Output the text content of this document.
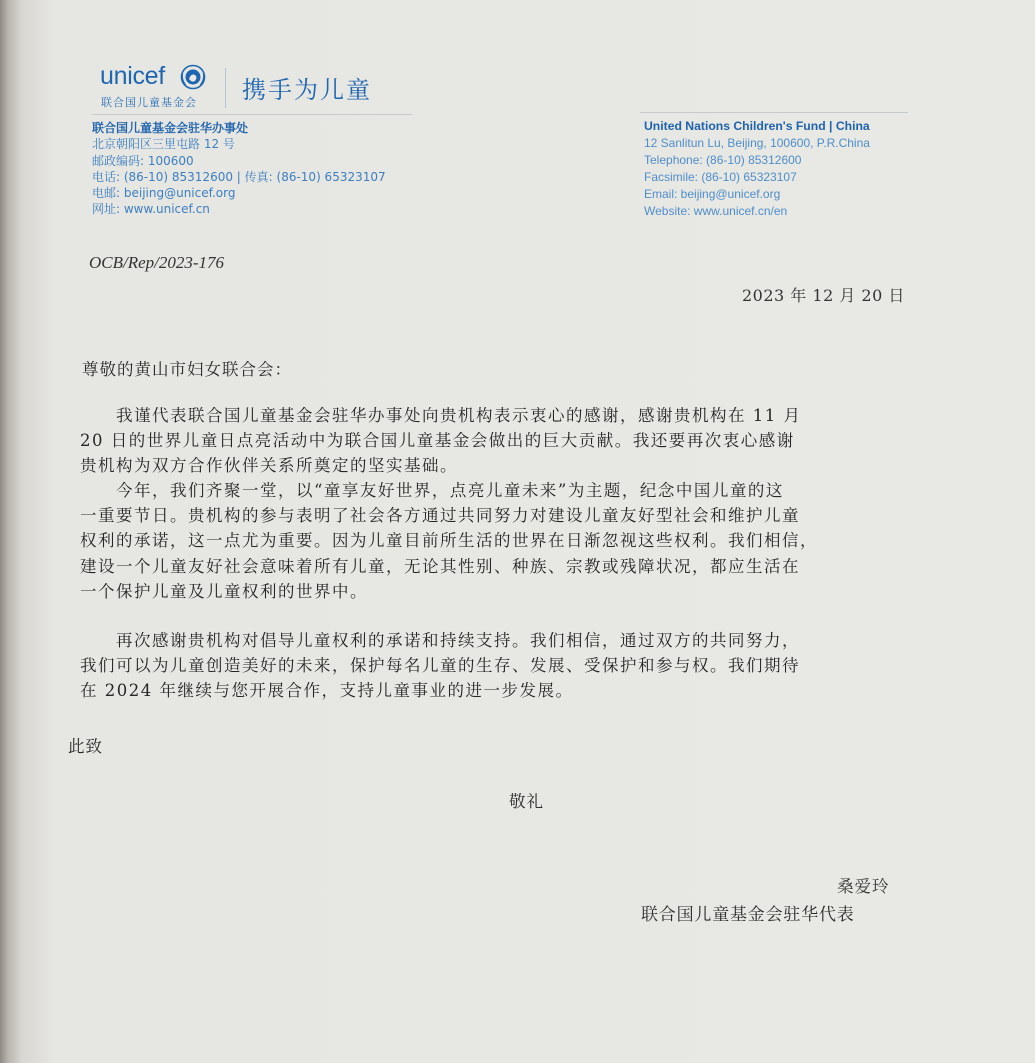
unicef
联合国儿童基金会 携手为儿童
联合国儿童基金会驻华办事处
北京朝阳区三里屯路 12 号
邮政编码: 100600
电话: (86-10) 85312600 | 传真: (86-10) 65323107
电邮: beijing@unicef.org
网址: www.unicef.cn
United Nations Children's Fund | China
12 Sanlitun Lu, Beijing, 100600, P.R.China
Telephone: (86-10) 85312600
Facsimile: (86-10) 65323107
Email: beijing@unicef.org
Website: www.unicef.cn/en
OCB/Rep/2023-176
2023 年 12 月 20 日
尊敬的黄山市妇女联合会：
　　我谨代表联合国儿童基金会驻华办事处向贵机构表示衷心的感谢，感谢贵机构在 11 月
20 日的世界儿童日点亮活动中为联合国儿童基金会做出的巨大贡献。我还要再次衷心感谢
贵机构为双方合作伙伴关系所奠定的坚实基础。
　　今年，我们齐聚一堂，以“童享友好世界，点亮儿童未来”为主题，纪念中国儿童的这
一重要节日。贵机构的参与表明了社会各方通过共同努力对建设儿童友好型社会和维护儿童
权利的承诺，这一点尤为重要。因为儿童目前所生活的世界在日渐忽视这些权利。我们相信，
建设一个儿童友好社会意味着所有儿童，无论其性别、种族、宗教或残障状况，都应生活在
一个保护儿童及儿童权利的世界中。
　　再次感谢贵机构对倡导儿童权利的承诺和持续支持。我们相信，通过双方的共同努力，
我们可以为儿童创造美好的未来，保护每名儿童的生存、发展、受保护和参与权。我们期待
在 2024 年继续与您开展合作，支持儿童事业的进一步发展。
此致
敬礼
桑爱玲
联合国儿童基金会驻华代表
